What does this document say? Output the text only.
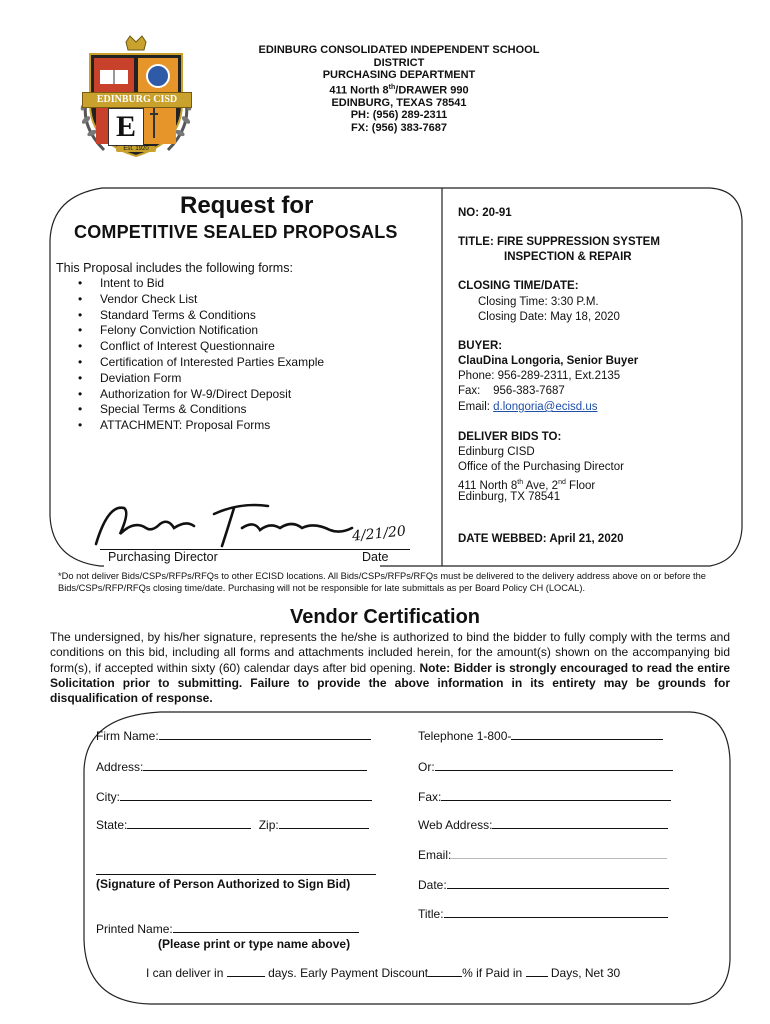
EDINBURG CISD
E
Est. 1920
EDINBURG CONSOLIDATED INDEPENDENT SCHOOL DISTRICT
PURCHASING DEPARTMENT
411 North 8th/DRAWER 990
EDINBURG, TEXAS 78541
PH: (956) 289-2311
FX: (956) 383-7687
Request for
COMPETITIVE SEALED PROPOSALS
This Proposal includes the following forms:
• Intent to Bid
• Vendor Check List
• Standard Terms & Conditions
• Felony Conviction Notification
• Conflict of Interest Questionnaire
• Certification of Interested Parties Example
• Deviation Form
• Authorization for W-9/Direct Deposit
• Special Terms & Conditions
• ATTACHMENT: Proposal Forms
4/21/20
Purchasing Director	Date
NO: 20-91
TITLE: FIRE SUPPRESSION SYSTEM
INSPECTION & REPAIR
CLOSING TIME/DATE:
Closing Time: 3:30 P.M.
Closing Date: May 18, 2020
BUYER:
ClauDina Longoria, Senior Buyer
Phone: 956-289-2311, Ext.2135
Fax:    956-383-7687
Email: d.longoria@ecisd.us
DELIVER BIDS TO:
Edinburg CISD
Office of the Purchasing Director
411 North 8th Ave, 2nd Floor
Edinburg, TX 78541
DATE WEBBED: April 21, 2020
*Do not deliver Bids/CSPs/RFPs/RFQs to other ECISD locations. All Bids/CSPs/RFPs/RFQs must be delivered to the delivery address above on or before the Bids/CSPs/RFP/RFQs closing time/date. Purchasing will not be responsible for late submittals as per Board Policy CH (LOCAL).
Vendor Certification
The undersigned, by his/her signature, represents the he/she is authorized to bind the bidder to fully comply with the terms and conditions on this bid, including all forms and attachments included herein, for the amount(s) shown on the accompanying bid form(s), if accepted within sixty (60) calendar days after bid opening. Note: Bidder is strongly encouraged to read the entire Solicitation prior to submitting. Failure to provide the above information in its entirety may be grounds for disqualification of response.
Firm Name:	Telephone 1-800-
Address:	Or:
City:	Fax:
State:	Zip:	Web Address:
Email:
(Signature of Person Authorized to Sign Bid)	Date:
Title:
Printed Name:
(Please print or type name above)
I can deliver in	days. Early Payment Discount	% if Paid in Days, Net 30
